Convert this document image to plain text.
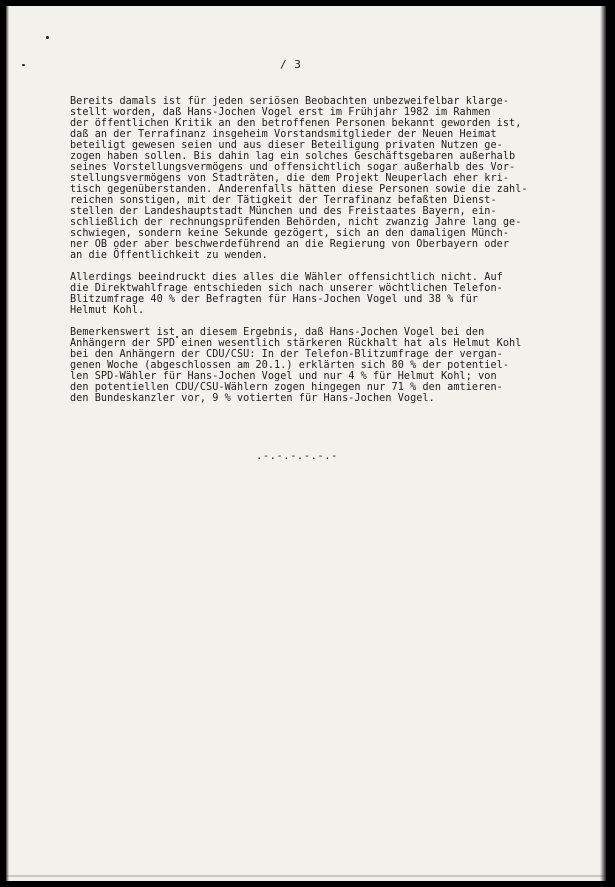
/ 3

Bereits damals ist für jeden seriösen Beobachten unbezweifelbar klarge-
stellt worden, daß Hans-Jochen Vogel erst im Frühjahr 1982 im Rahmen
der öffentlichen Kritik an den betroffenen Personen bekannt geworden ist,
daß an der Terrafinanz insgeheim Vorstandsmitglieder der Neuen Heimat
beteiligt gewesen seien und aus dieser Beteiligung privaten Nutzen ge-
zogen haben sollen. Bis dahin lag ein solches Geschäftsgebaren außerhalb
seines Vorstellungsvermögens und offensichtlich sogar außerhalb des Vor-
stellungsvermögens von Stadträten, die dem Projekt Neuperlach eher kri-
tisch gegenüberstanden. Anderenfalls hätten diese Personen sowie die zahl-
reichen sonstigen, mit der Tätigkeit der Terrafinanz befaßten Dienst-
stellen der Landeshauptstadt München und des Freistaates Bayern, ein-
schließlich der rechnungsprüfenden Behörden, nicht zwanzig Jahre lang ge-
schwiegen, sondern keine Sekunde gezögert, sich an den damaligen Münch-
ner OB oder aber beschwerdeführend an die Regierung von Oberbayern oder
an die Öffentlichkeit zu wenden.

Allerdings beeindruckt dies alles die Wähler offensichtlich nicht. Auf
die Direktwahlfrage entschieden sich nach unserer wöchtlichen Telefon-
Blitzumfrage 40 % der Befragten für Hans-Jochen Vogel und 38 % für
Helmut Kohl.

Bemerkenswert ist an diesem Ergebnis, daß Hans-Jochen Vogel bei den
Anhängern der SPD einen wesentlich stärkeren Rückhalt hat als Helmut Kohl
bei den Anhängern der CDU/CSU: In der Telefon-Blitzumfrage der vergan-
genen Woche (abgeschlossen am 20.1.) erklärten sich 80 % der potentiel-
len SPD-Wähler für Hans-Jochen Vogel und nur 4 % für Helmut Kohl; von
den potentiellen CDU/CSU-Wählern zogen hingegen nur 71 % den amtieren-
den Bundeskanzler vor, 9 % votierten für Hans-Jochen Vogel.

.-.-.-.-.-.-
